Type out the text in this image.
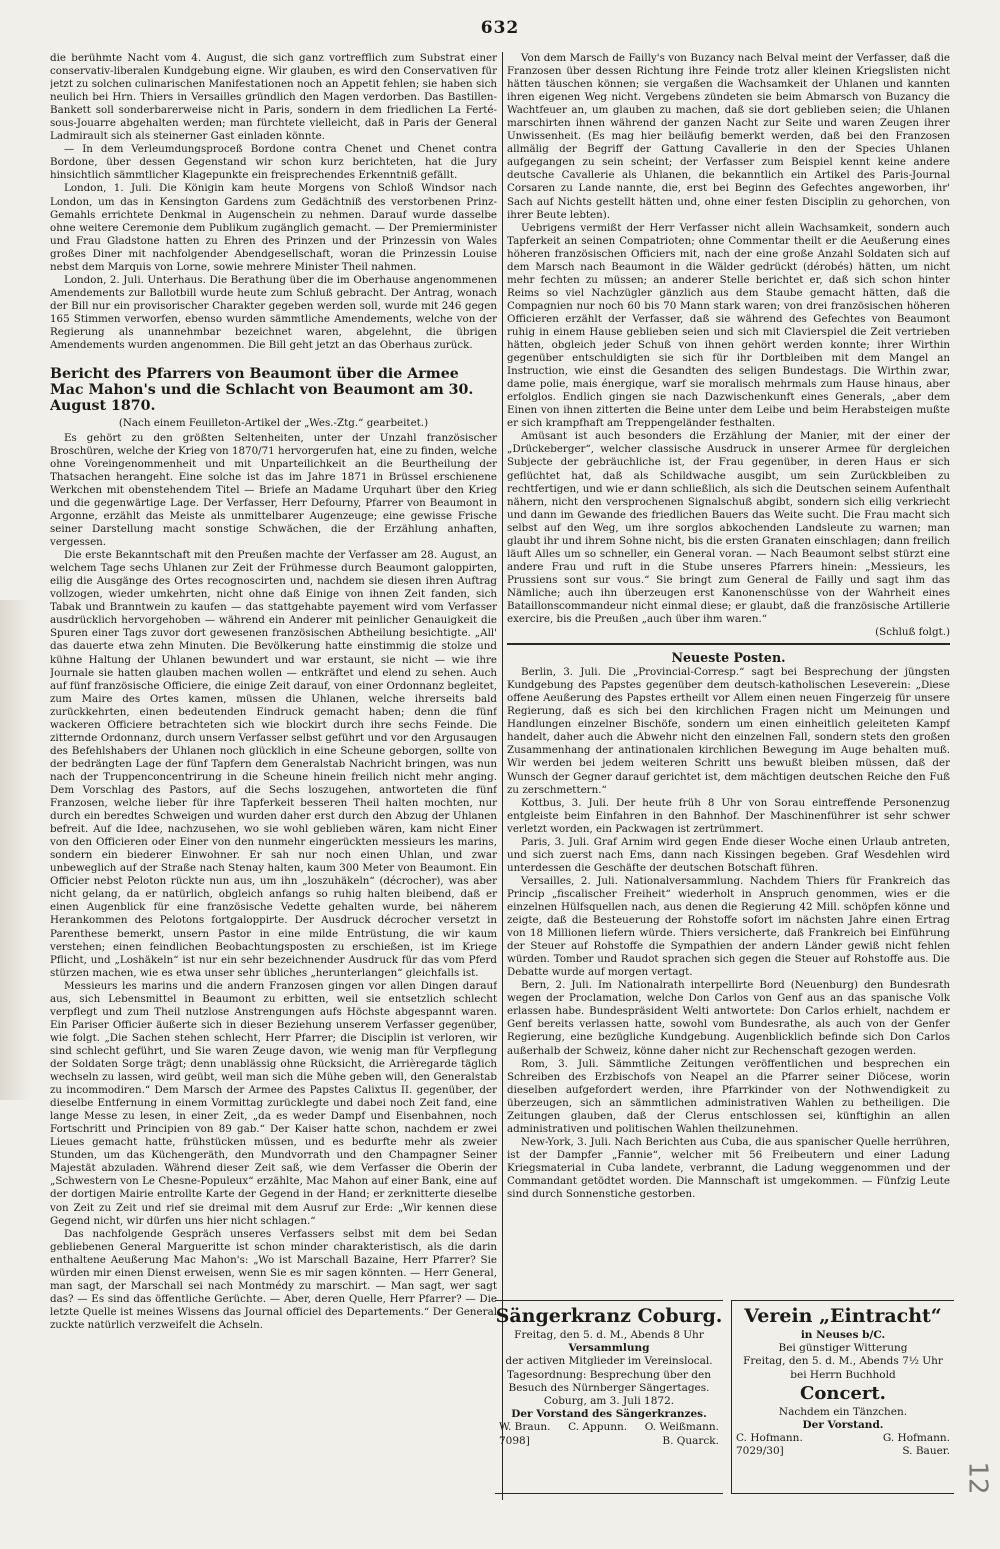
632

die berühmte Nacht vom 4. August, die sich ganz vortrefflich zum Substrat einer conservativ-liberalen Kundgebung eigne. Wir glauben, es wird den Conservativen für jetzt zu solchen culinarischen Manifestationen noch an Appetit fehlen; sie haben sich neulich bei Hrn. Thiers in Versailles gründlich den Magen verdorben. Das Bastillen-Bankett soll sonderbarerweise nicht in Paris, sondern in dem friedlichen La Ferté-sous-Jouarre abgehalten werden; man fürchtete vielleicht, daß in Paris der General Ladmirault sich als steinerner Gast einladen könnte.

— In dem Verleumdungsproceß Bordone contra Chenet und Chenet contra Bordone, über dessen Gegenstand wir schon kurz berichteten, hat die Jury hinsichtlich sämmtlicher Klagepunkte ein freisprechendes Erkenntniß gefällt.

London, 1. Juli. Die Königin kam heute Morgens von Schloß Windsor nach London, um das in Kensington Gardens zum Gedächtniß des verstorbenen Prinz-Gemahls errichtete Denkmal in Augenschein zu nehmen. Darauf wurde dasselbe ohne weitere Ceremonie dem Publikum zugänglich gemacht. — Der Premierminister und Frau Gladstone hatten zu Ehren des Prinzen und der Prinzessin von Wales großes Diner mit nachfolgender Abendgesellschaft, woran die Prinzessin Louise nebst dem Marquis von Lorne, sowie mehrere Minister Theil nahmen.

London, 2. Juli. Unterhaus. Die Berathung über die im Oberhause angenommenen Amendements zur Ballotbill wurde heute zum Schluß gebracht. Der Antrag, wonach der Bill nur ein provisorischer Charakter gegeben werden soll, wurde mit 246 gegen 165 Stimmen verworfen, ebenso wurden sämmtliche Amendements, welche von der Regierung als unannehmbar bezeichnet waren, abgelehnt, die übrigen Amendements wurden angenommen. Die Bill geht jetzt an das Oberhaus zurück.

Bericht des Pfarrers von Beaumont über die Armee Mac Mahon's und die Schlacht von Beaumont am 30. August 1870.
(Nach einem Feuilleton-Artikel der „Wes.-Ztg.“ gearbeitet.)

Es gehört zu den größten Seltenheiten, unter der Unzahl französischer Broschüren, welche der Krieg von 1870/71 hervorgerufen hat, eine zu finden, welche ohne Voreingenommenheit und mit Unparteilichkeit an die Beurtheilung der Thatsachen herangeht. Eine solche ist das im Jahre 1871 in Brüssel erschienene Werkchen mit obenstehendem Titel — Briefe an Madame Urquhart über den Krieg und die gegenwärtige Lage. Der Verfasser, Herr Defourny, Pfarrer von Beaumont in Argonne, erzählt das Meiste als unmittelbarer Augenzeuge; eine gewisse Frische seiner Darstellung macht sonstige Schwächen, die der Erzählung anhaften, vergessen.

Die erste Bekanntschaft mit den Preußen machte der Verfasser am 28. August, an welchem Tage sechs Uhlanen zur Zeit der Frühmesse durch Beaumont galoppirten, eilig die Ausgänge des Ortes recognoscirten und, nachdem sie diesen ihren Auftrag vollzogen, wieder umkehrten, nicht ohne daß Einige von ihnen Zeit fanden, sich Tabak und Branntwein zu kaufen — das stattgehabte payement wird vom Verfasser ausdrücklich hervorgehoben — während ein Anderer mit peinlicher Genauigkeit die Spuren einer Tags zuvor dort gewesenen französischen Abtheilung besichtigte. „All' das dauerte etwa zehn Minuten. Die Bevölkerung hatte einstimmig die stolze und kühne Haltung der Uhlanen bewundert und war erstaunt, sie nicht — wie ihre Journale sie hatten glauben machen wollen — entkräftet und elend zu sehen. Auch auf fünf französische Officiere, die einige Zeit darauf, von einer Ordonnanz begleitet, zum Maire des Ortes kamen, müssen die Uhlanen, welche ihrerseits bald zurückkehrten, einen bedeutenden Eindruck gemacht haben; denn die fünf wackeren Officiere betrachteten sich wie blockirt durch ihre sechs Feinde. Die zitternde Ordonnanz, durch unsern Verfasser selbst geführt und vor den Argusaugen des Befehlshabers der Uhlanen noch glücklich in eine Scheune geborgen, sollte von der bedrängten Lage der fünf Tapfern dem Generalstab Nachricht bringen, was nun nach der Truppenconcentrirung in die Scheune hinein freilich nicht mehr anging. Dem Vorschlag des Pastors, auf die Sechs loszugehen, antworteten die fünf Franzosen, welche lieber für ihre Tapferkeit besseren Theil halten mochten, nur durch ein beredtes Schweigen und wurden daher erst durch den Abzug der Uhlanen befreit. Auf die Idee, nachzusehen, wo sie wohl geblieben wären, kam nicht Einer von den Officieren oder Einer von den nunmehr eingerückten messieurs les marins, sondern ein biederer Einwohner. Er sah nur noch einen Uhlan, und zwar unbeweglich auf der Straße nach Stenay halten, kaum 300 Meter von Beaumont. Ein Officier nebst Peloton rückte nun aus, um ihn „loszuhäkeln“ (décrocher), was aber nicht gelang, da er natürlich, obgleich anfangs so ruhig halten bleibend, daß er einen Augenblick für eine französische Vedette gehalten wurde, bei näherem Herankommen des Pelotons fortgaloppirte. Der Ausdruck décrocher versetzt in Parenthese bemerkt, unsern Pastor in eine milde Entrüstung, die wir kaum verstehen; einen feindlichen Beobachtungsposten zu erschießen, ist im Kriege Pflicht, und „Loshäkeln“ ist nur ein sehr bezeichnender Ausdruck für das vom Pferd stürzen machen, wie es etwa unser sehr übliches „herunterlangen“ gleichfalls ist.

Messieurs les marins und die andern Franzosen gingen vor allen Dingen darauf aus, sich Lebensmittel in Beaumont zu erbitten, weil sie entsetzlich schlecht verpflegt und zum Theil nutzlose Anstrengungen aufs Höchste abgespannt waren. Ein Pariser Officier äußerte sich in dieser Beziehung unserem Verfasser gegenüber, wie folgt. „Die Sachen stehen schlecht, Herr Pfarrer; die Disciplin ist verloren, wir sind schlecht geführt, und Sie waren Zeuge davon, wie wenig man für Verpflegung der Soldaten Sorge trägt; denn unablässig ohne Rücksicht, die Arrièregarde täglich wechseln zu lassen, wird geübt, weil man sich die Mühe geben will, den Generalstab zu incommodiren.“ Dem Marsch der Armee des Papstes Calixtus II. gegenüber, der dieselbe Entfernung in einem Vormittag zurücklegte und dabei noch Zeit fand, eine lange Messe zu lesen, in einer Zeit, „da es weder Dampf und Eisenbahnen, noch Fortschritt und Principien von 89 gab.“ Der Kaiser hatte schon, nachdem er zwei Lieues gemacht hatte, frühstücken müssen, und es bedurfte mehr als zweier Stunden, um das Küchengeräth, den Mundvorrath und den Champagner Seiner Majestät abzuladen. Während dieser Zeit saß, wie dem Verfasser die Oberin der „Schwestern von Le Chesne-Populeux“ erzählte, Mac Mahon auf einer Bank, eine auf der dortigen Mairie entrollte Karte der Gegend in der Hand; er zerknitterte dieselbe von Zeit zu Zeit und rief sie dreimal mit dem Ausruf zur Erde: „Wir kennen diese Gegend nicht, wir dürfen uns hier nicht schlagen.“

Das nachfolgende Gespräch unseres Verfassers selbst mit dem bei Sedan gebliebenen General Margueritte ist schon minder charakteristisch, als die darin enthaltene Aeußerung Mac Mahon's: „Wo ist Marschall Bazaine, Herr Pfarrer? Sie würden mir einen Dienst erweisen, wenn Sie es mir sagen könnten. — Herr General, man sagt, der Marschall sei nach Montmédy zu marschirt. — Man sagt, wer sagt das? — Es sind das öffentliche Gerüchte. — Aber, deren Quelle, Herr Pfarrer? — Die letzte Quelle ist meines Wissens das Journal officiel des Departements.“ Der General zuckte natürlich verzweifelt die Achseln.

Von dem Marsch de Failly's von Buzancy nach Belval meint der Verfasser, daß die Franzosen über dessen Richtung ihre Feinde trotz aller kleinen Kriegslisten nicht hätten täuschen können; sie vergaßen die Wachsamkeit der Uhlanen und kannten ihren eigenen Weg nicht. Vergebens zündeten sie beim Abmarsch von Buzancy die Wachtfeuer an, um glauben zu machen, daß sie dort geblieben seien; die Uhlanen marschirten ihnen während der ganzen Nacht zur Seite und waren Zeugen ihrer Unwissenheit. (Es mag hier beiläufig bemerkt werden, daß bei den Franzosen allmälig der Begriff der Gattung Cavallerie in den der Species Uhlanen aufgegangen zu sein scheint; der Verfasser zum Beispiel kennt keine andere deutsche Cavallerie als Uhlanen, die bekanntlich ein Artikel des Paris-Journal Corsaren zu Lande nannte, die, erst bei Beginn des Gefechtes angeworben, ihr' Sach auf Nichts gestellt hätten und, ohne einer festen Disciplin zu gehorchen, von ihrer Beute lebten).

Uebrigens vermißt der Herr Verfasser nicht allein Wachsamkeit, sondern auch Tapferkeit an seinen Compatrioten; ohne Commentar theilt er die Aeußerung eines höheren französischen Officiers mit, nach der eine große Anzahl Soldaten sich auf dem Marsch nach Beaumont in die Wälder gedrückt (dérobés) hätten, um nicht mehr fechten zu müssen; an anderer Stelle berichtet er, daß sich schon hinter Reims so viel Nachzügler gänzlich aus dem Staube gemacht hätten, daß die Compagnien nur noch 60 bis 70 Mann stark waren; von drei französischen höheren Officieren erzählt der Verfasser, daß sie während des Gefechtes von Beaumont ruhig in einem Hause geblieben seien und sich mit Clavierspiel die Zeit vertrieben hätten, obgleich jeder Schuß von ihnen gehört werden konnte; ihrer Wirthin gegenüber entschuldigten sie sich für ihr Dortbleiben mit dem Mangel an Instruction, wie einst die Gesandten des seligen Bundestags. Die Wirthin zwar, dame polie, mais énergique, warf sie moralisch mehrmals zum Hause hinaus, aber erfolglos. Endlich gingen sie nach Dazwischenkunft eines Generals, „aber dem Einen von ihnen zitterten die Beine unter dem Leibe und beim Herabsteigen mußte er sich krampfhaft am Treppengeländer festhalten.

Amüsant ist auch besonders die Erzählung der Manier, mit der einer der „Drückeberger“, welcher classische Ausdruck in unserer Armee für dergleichen Subjecte der gebräuchliche ist, der Frau gegenüber, in deren Haus er sich geflüchtet hat, daß als Schildwache ausgibt, um sein Zurückbleiben zu rechtfertigen, und wie er dann schließlich, als sich die Deutschen seinem Aufenthalt nähern, nicht den versprochenen Signalschuß abgibt, sondern sich eilig verkriecht und dann im Gewande des friedlichen Bauers das Weite sucht. Die Frau macht sich selbst auf den Weg, um ihre sorglos abkochenden Landsleute zu warnen; man glaubt ihr und ihrem Sohne nicht, bis die ersten Granaten einschlagen; dann freilich läuft Alles um so schneller, ein General voran. — Nach Beaumont selbst stürzt eine andere Frau und ruft in die Stube unseres Pfarrers hinein: „Messieurs, les Prussiens sont sur vous.“ Sie bringt zum General de Failly und sagt ihm das Nämliche; auch ihn überzeugen erst Kanonenschüsse von der Wahrheit eines Bataillonscommandeur nicht einmal diese; er glaubt, daß die französische Artillerie exercire, bis die Preußen „auch über ihm waren.“

(Schluß folgt.)
Neueste Posten.

Berlin, 3. Juli. Die „Provincial-Corresp.“ sagt bei Besprechung der jüngsten Kundgebung des Papstes gegenüber dem deutsch-katholischen Leseverein: „Diese offene Aeußerung des Papstes ertheilt vor Allem einen neuen Fingerzeig für unsere Regierung, daß es sich bei den kirchlichen Fragen nicht um Meinungen und Handlungen einzelner Bischöfe, sondern um einen einheitlich geleiteten Kampf handelt, daher auch die Abwehr nicht den einzelnen Fall, sondern stets den großen Zusammenhang der antinationalen kirchlichen Bewegung im Auge behalten muß. Wir werden bei jedem weiteren Schritt uns bewußt bleiben müssen, daß der Wunsch der Gegner darauf gerichtet ist, dem mächtigen deutschen Reiche den Fuß zu zerschmettern.“

Kottbus, 3. Juli. Der heute früh 8 Uhr von Sorau eintreffende Personenzug entgleiste beim Einfahren in den Bahnhof. Der Maschinenführer ist sehr schwer verletzt worden, ein Packwagen ist zertrümmert.

Paris, 3. Juli. Graf Arnim wird gegen Ende dieser Woche einen Urlaub antreten, und sich zuerst nach Ems, dann nach Kissingen begeben. Graf Wesdehlen wird unterdessen die Geschäfte der deutschen Botschaft führen.

Versailles, 2. Juli. Nationalversammlung. Nachdem Thiers für Frankreich das Princip „fiscalischer Freiheit“ wiederholt in Anspruch genommen, wies er die einzelnen Hülfsquellen nach, aus denen die Regierung 42 Mill. schöpfen könne und zeigte, daß die Besteuerung der Rohstoffe sofort im nächsten Jahre einen Ertrag von 18 Millionen liefern würde. Thiers versicherte, daß Frankreich bei Einführung der Steuer auf Rohstoffe die Sympathien der andern Länder gewiß nicht fehlen würden. Tomber und Raudot sprachen sich gegen die Steuer auf Rohstoffe aus. Die Debatte wurde auf morgen vertagt.

Bern, 2. Juli. Im Nationalrath interpellirte Bord (Neuenburg) den Bundesrath wegen der Proclamation, welche Don Carlos von Genf aus an das spanische Volk erlassen habe. Bundespräsident Welti antwortete: Don Carlos erhielt, nachdem er Genf bereits verlassen hatte, sowohl vom Bundesrathe, als auch von der Genfer Regierung, eine bezügliche Kundgebung. Augenblicklich befinde sich Don Carlos außerhalb der Schweiz, könne daher nicht zur Rechenschaft gezogen werden.

Rom, 3. Juli. Sämmtliche Zeitungen veröffentlichen und besprechen ein Schreiben des Erzbischofs von Neapel an die Pfarrer seiner Diöcese, worin dieselben aufgefordert werden, ihre Pfarrkinder von der Nothwendigkeit zu überzeugen, sich an sämmtlichen administrativen Wahlen zu betheiligen. Die Zeitungen glauben, daß der Clerus entschlossen sei, künftighin an allen administrativen und politischen Wahlen theilzunehmen.

New-York, 3. Juli. Nach Berichten aus Cuba, die aus spanischer Quelle herrühren, ist der Dampfer „Fannie“, welcher mit 56 Freibeutern und einer Ladung Kriegsmaterial in Cuba landete, verbrannt, die Ladung weggenommen und der Commandant getödtet worden. Die Mannschaft ist umgekommen. — Fünfzig Leute sind durch Sonnenstiche gestorben.

Sängerkranz Coburg.
Freitag, den 5. d. M., Abends 8 Uhr
Versammlung
der activen Mitglieder im Vereinslocal.
Tagesordnung: Besprechung über den Besuch des Nürnberger Sängertages.
Coburg, am 3. Juli 1872.
Der Vorstand des Sängerkranzes.
W. Braun. C. Appunn. O. Weißmann.
7098]	B. Quarck.
Verein „Eintracht“
in Neuses b/C.
Bei günstiger Witterung
Freitag, den 5. d. M., Abends 7½ Uhr
bei Herrn Buchhold
Concert.
Nachdem ein Tänzchen.
Der Vorstand.
C. Hofmann.	G. Hofmann.
7029/30]	S. Bauer.
12
